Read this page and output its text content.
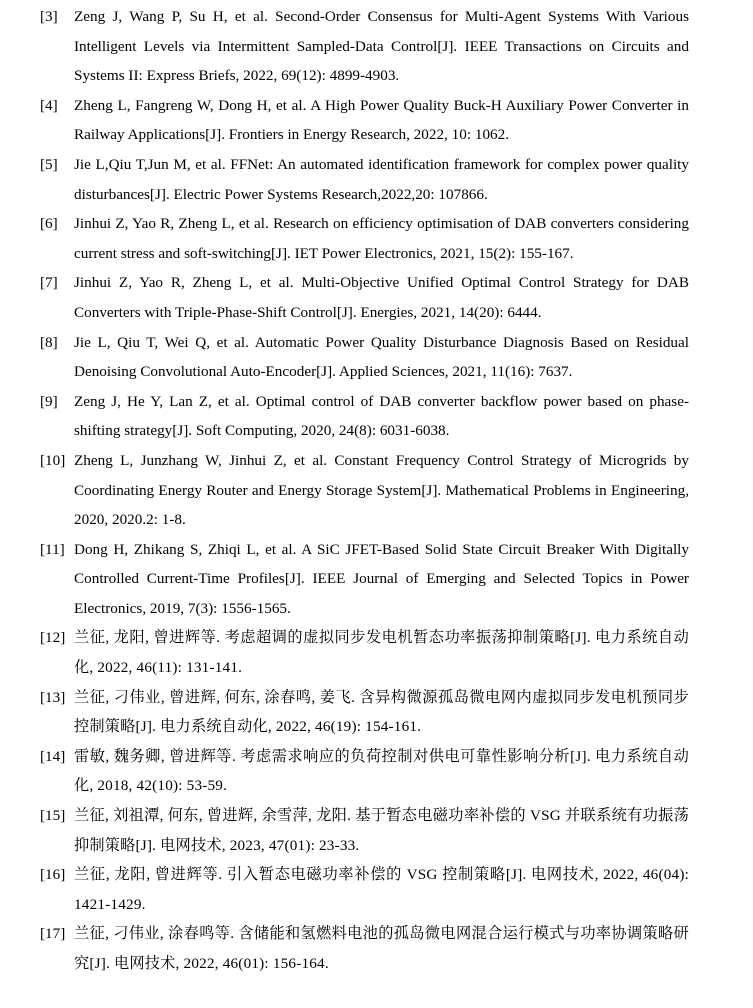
[3]	Zeng J, Wang P, Su H, et al. Second-Order Consensus for Multi-Agent Systems With Various Intelligent Levels via Intermittent Sampled-Data Control[J]. IEEE Transactions on Circuits and Systems II: Express Briefs, 2022, 69(12): 4899-4903.
[4]	Zheng L, Fangreng W, Dong H, et al. A High Power Quality Buck-H Auxiliary Power Converter in Railway Applications[J]. Frontiers in Energy Research, 2022, 10: 1062.
[5]	Jie L,Qiu T,Jun M, et al. FFNet: An automated identification framework for complex power quality disturbances[J]. Electric Power Systems Research,2022,20: 107866.
[6]	Jinhui Z, Yao R, Zheng L, et al. Research on efficiency optimisation of DAB converters considering current stress and soft-switching[J]. IET Power Electronics, 2021, 15(2): 155-167.
[7]	Jinhui Z, Yao R, Zheng L, et al. Multi-Objective Unified Optimal Control Strategy for DAB Converters with Triple-Phase-Shift Control[J]. Energies, 2021, 14(20): 6444.
[8]	Jie L, Qiu T, Wei Q, et al. Automatic Power Quality Disturbance Diagnosis Based on Residual Denoising Convolutional Auto-Encoder[J]. Applied Sciences, 2021, 11(16): 7637.
[9]	Zeng J, He Y, Lan Z, et al. Optimal control of DAB converter backflow power based on phase-shifting strategy[J]. Soft Computing, 2020, 24(8): 6031-6038.
[10] Zheng L, Junzhang W, Jinhui Z, et al. Constant Frequency Control Strategy of Microgrids by Coordinating Energy Router and Energy Storage System[J]. Mathematical Problems in Engineering, 2020, 2020.2: 1-8.
[11] Dong H, Zhikang S, Zhiqi L, et al. A SiC JFET-Based Solid State Circuit Breaker With Digitally Controlled Current-Time Profiles[J]. IEEE Journal of Emerging and Selected Topics in Power Electronics, 2019, 7(3): 1556-1565.
[12] 兰征, 龙阳, 曾进辉等. 考虑超调的虚拟同步发电机暂态功率振荡抑制策略[J]. 电力系统自动化, 2022, 46(11): 131-141.
[13] 兰征, 刁伟业, 曾进辉, 何东, 涂春鸣, 姜飞. 含异构微源孤岛微电网内虚拟同步发电机预同步控制策略[J]. 电力系统自动化, 2022, 46(19): 154-161.
[14] 雷敏, 魏务卿, 曾进辉等. 考虑需求响应的负荷控制对供电可靠性影响分析[J]. 电力系统自动化, 2018, 42(10): 53-59.
[15] 兰征, 刘祖潭, 何东, 曾进辉, 余雪萍, 龙阳. 基于暂态电磁功率补偿的 VSG 并联系统有功振荡抑制策略[J]. 电网技术, 2023, 47(01): 23-33.
[16] 兰征, 龙阳, 曾进辉等. 引入暂态电磁功率补偿的 VSG 控制策略[J]. 电网技术, 2022, 46(04): 1421-1429.
[17] 兰征, 刁伟业, 涂春鸣等. 含储能和氢燃料电池的孤岛微电网混合运行模式与功率协调策略研究[J]. 电网技术, 2022, 46(01): 156-164.
